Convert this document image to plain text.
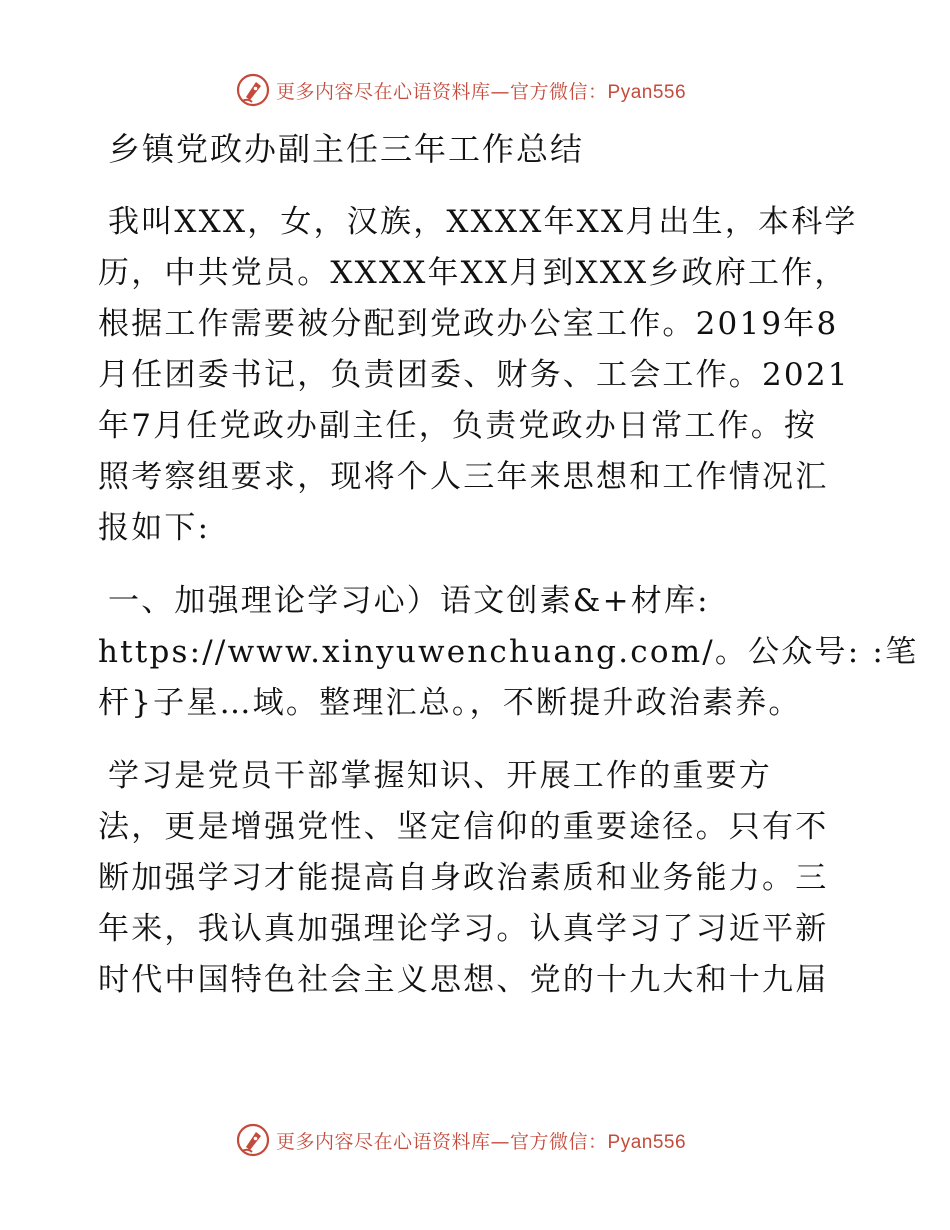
更多内容尽在心语资料库—官方微信：Pyan556
乡镇党政办副主任三年工作总结

我叫XXX，女，汉族，XXXX年XX月出生，本科学
历，中共党员。XXXX年XX月到XXX乡政府工作，
根据工作需要被分配到党政办公室工作。2019年8
月任团委书记，负责团委、财务、工会工作。2021
年7月任党政办副主任，负责党政办日常工作。按
照考察组要求，现将个人三年来思想和工作情况汇
报如下:

一、加强理论学习心）语文创素&+材库:
https://www.xinyuwenchuang.com/。公众号: :笔
杆}子星…域。整理汇总。，不断提升政治素养。

学习是党员干部掌握知识、开展工作的重要方
法，更是增强党性、坚定信仰的重要途径。只有不
断加强学习才能提高自身政治素质和业务能力。三
年来，我认真加强理论学习。认真学习了习近平新
时代中国特色社会主义思想、党的十九大和十九届

更多内容尽在心语资料库—官方微信：Pyan556
